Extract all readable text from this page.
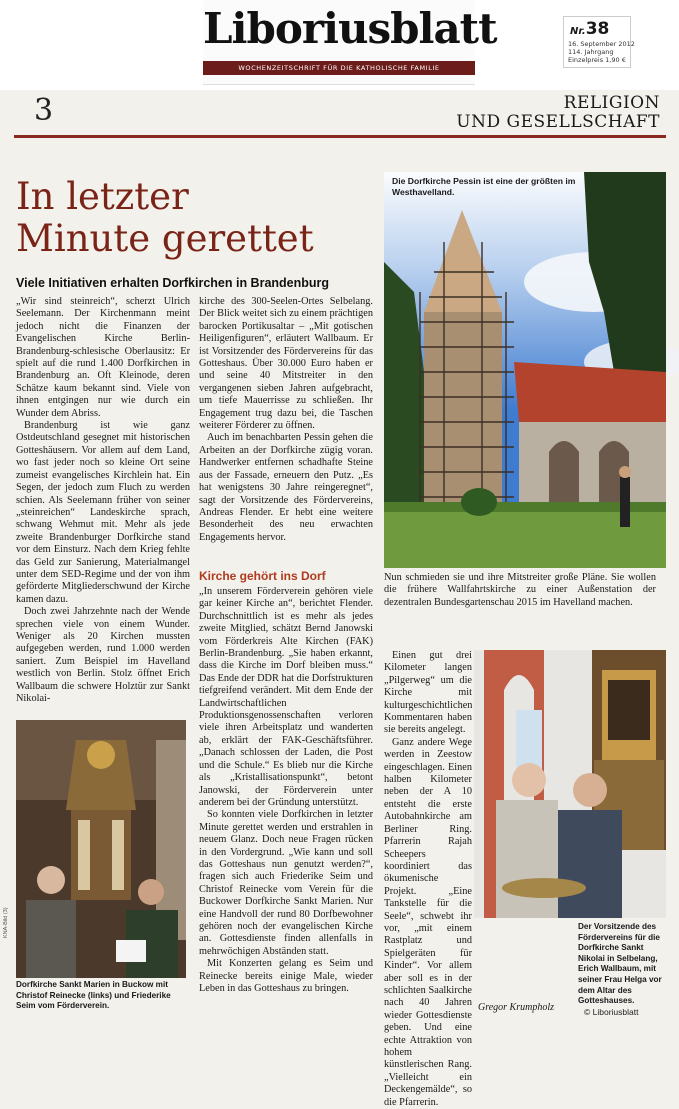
Liboriusblatt
WOCHENZEITSCHRIFT FÜR DIE KATHOLISCHE FAMILIE
Nr.38
16. September 2012
114. Jahrgang
Einzelpreis 1,90 €
3	RELIGION
UND GESELLSCHAFT
In letzter
Minute gerettet
Viele Initiativen erhalten Dorfkirchen in Brandenburg

„Wir sind steinreich“, scherzt Ulrich Seelemann. Der Kirchenmann meint jedoch nicht die Finanzen der Evangelischen Kirche Berlin-Brandenburg-schlesische Oberlausitz: Er spielt auf die rund 1.400 Dorfkirchen in Brandenburg an. Oft Kleinode, deren Schätze kaum bekannt sind. Viele von ihnen entgingen nur wie durch ein Wunder dem Abriss.

Brandenburg ist wie ganz Ostdeutschland gesegnet mit historischen Gotteshäusern. Vor allem auf dem Land, wo fast jeder noch so kleine Ort seine zumeist evangelisches Kirchlein hat. Ein Segen, der jedoch zum Fluch zu werden schien. Als Seelemann früher von seiner „steinreichen“ Landeskirche sprach, schwang Wehmut mit. Mehr als jede zweite Brandenburger Dorfkirche stand vor dem Einsturz. Nach dem Krieg fehlte das Geld zur Sanierung, Materialmangel unter dem SED-Regime und der von ihm geförderte Mitgliederschwund der Kirche kamen dazu.

Doch zwei Jahrzehnte nach der Wende sprechen viele von einem Wunder. Weniger als 20 Kirchen mussten aufgegeben werden, rund 1.000 werden saniert. Zum Beispiel im Havelland westlich von Berlin. Stolz öffnet Erich Wallbaum die schwere Holztür zur Sankt Nikolai-

kirche des 300-Seelen-Ortes Selbelang. Der Blick weitet sich zu einem prächtigen barocken Portikusaltar – „Mit gotischen Heiligenfiguren“, erläutert Wallbaum. Er ist Vorsitzender des Fördervereins für das Gotteshaus. Über 30.000 Euro haben er und seine 40 Mitstreiter in den vergangenen sieben Jahren aufgebracht, um tiefe Mauerrisse zu schließen. Ihr Engagement trug dazu bei, die Taschen weiterer Förderer zu öffnen.

Auch im benachbarten Pessin gehen die Arbeiten an der Dorfkirche zügig voran. Handwerker entfernen schadhafte Steine aus der Fassade, erneuern den Putz. „Es hat wenigstens 30 Jahre reingeregnet“, sagt der Vorsitzende des Fördervereins, Andreas Flender. Er hebt eine weitere Besonderheit des neu erwachten Engagements hervor.

Kirche gehört ins Dorf

„In unserem Förderverein gehören viele gar keiner Kirche an“, berichtet Flender. Durchschnittlich ist es mehr als jedes zweite Mitglied, schätzt Bernd Janowski vom Förderkreis Alte Kirchen (FAK) Berlin-Brandenburg. „Sie haben erkannt, dass die Kirche im Dorf bleiben muss.“ Das Ende der DDR hat die Dorfstrukturen tiefgreifend verändert. Mit dem Ende der Landwirtschaftlichen Produktionsgenossenschaften verloren viele ihren Arbeitsplatz und wanderten ab, erklärt der FAK-Geschäftsführer. „Danach schlossen der Laden, die Post und die Schule.“ Es blieb nur die Kirche als „Kristallisationspunkt“, betont Janowski, der Förderverein unter anderem bei der Gründung unterstützt.

So konnten viele Dorfkirchen in letzter Minute gerettet werden und erstrahlen in neuem Glanz. Doch neue Fragen rücken in den Vordergrund. „Wie kann und soll das Gotteshaus nun genutzt werden?“, fragen sich auch Friederike Seim und Christof Reinecke vom Verein für die Buckower Dorfkirche Sankt Marien. Nur eine Handvoll der rund 80 Dorfbewohner gehören noch der evangelischen Kirche an. Gottesdienste finden allenfalls in mehrwöchigen Abständen statt.

Mit Konzerten gelang es Seim und Reinecke bereits einige Male, wieder Leben in das Gotteshaus zu bringen.

Die Dorfkirche Pessin ist eine der größten im Westhavelland.

Nun schmieden sie und ihre Mitstreiter große Pläne. Sie wollen die frühere Wallfahrtskirche zu einer Außenstation der dezentralen Bundesgartenschau 2015 im Havelland machen.

Einen gut drei Kilometer langen „Pilgerweg“ um die Kirche mit kulturgeschichtlichen Kommentaren haben sie bereits angelegt.

Ganz andere Wege werden in Zeestow eingeschlagen. Einen halben Kilometer neben der A 10 entsteht die erste Autobahnkirche am Berliner Ring. Pfarrerin Rajah Scheepers koordiniert das ökumenische Projekt. „Eine Tankstelle für die Seele“, schwebt ihr vor, „mit einem Rastplatz und Spielgeräten für Kinder“. Vor allem aber soll es in der schlichten Saalkirche nach 40 Jahren wieder Gottesdienste geben. Und eine echte Attraktion von hohem künstlerischen Rang. „Vielleicht ein Deckengemälde“, so die Pfarrerin.

Gregor Krumpholz
KNA-Bild (3)
Dorfkirche Sankt Marien in Buckow mit Christof Reinecke (links) und Friederike Seim vom Förderverein.
Der Vorsitzende des Fördervereins für die Dorfkirche Sankt Nikolai in Selbelang, Erich Wallbaum, mit seiner Frau Helga vor dem Altar des Gotteshauses.
© Liboriusblatt
